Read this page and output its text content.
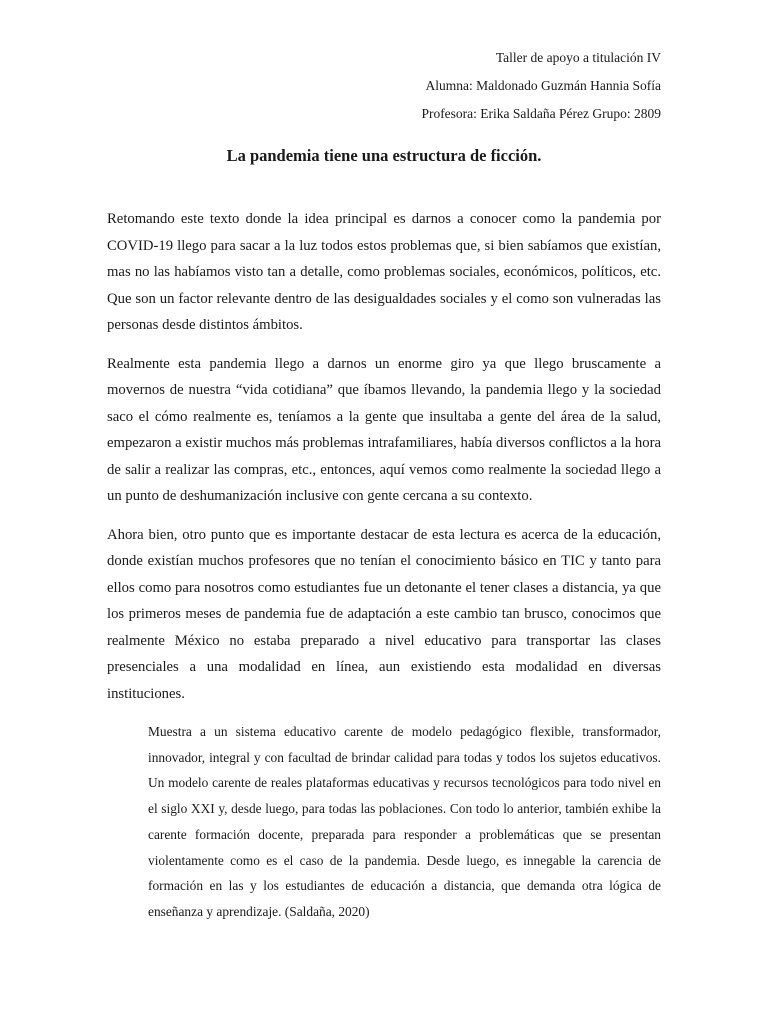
Taller de apoyo a titulación IV
Alumna: Maldonado Guzmán Hannia Sofía
Profesora: Erika Saldaña Pérez Grupo: 2809
La pandemia tiene una estructura de ficción.

Retomando este texto donde la idea principal es darnos a conocer como la pandemia por COVID-19 llego para sacar a la luz todos estos problemas que, si bien sabíamos que existían, mas no las habíamos visto tan a detalle, como problemas sociales, económicos, políticos, etc. Que son un factor relevante dentro de las desigualdades sociales y el como son vulneradas las personas desde distintos ámbitos.

Realmente esta pandemia llego a darnos un enorme giro ya que llego bruscamente a movernos de nuestra “vida cotidiana” que íbamos llevando, la pandemia llego y la sociedad saco el cómo realmente es, teníamos a la gente que insultaba a gente del área de la salud, empezaron a existir muchos más problemas intrafamiliares, había diversos conflictos a la hora de salir a realizar las compras, etc., entonces, aquí vemos como realmente la sociedad llego a un punto de deshumanización inclusive con gente cercana a su contexto.

Ahora bien, otro punto que es importante destacar de esta lectura es acerca de la educación, donde existían muchos profesores que no tenían el conocimiento básico en TIC y tanto para ellos como para nosotros como estudiantes fue un detonante el tener clases a distancia, ya que los primeros meses de pandemia fue de adaptación a este cambio tan brusco, conocimos que realmente México no estaba preparado a nivel educativo para transportar las clases presenciales a una modalidad en línea, aun existiendo esta modalidad en diversas instituciones.

Muestra a un sistema educativo carente de modelo pedagógico flexible, transformador, innovador, integral y con facultad de brindar calidad para todas y todos los sujetos educativos. Un modelo carente de reales plataformas educativas y recursos tecnológicos para todo nivel en el siglo XXI y, desde luego, para todas las poblaciones. Con todo lo anterior, también exhibe la carente formación docente, preparada para responder a problemáticas que se presentan violentamente como es el caso de la pandemia. Desde luego, es innegable la carencia de formación en las y los estudiantes de educación a distancia, que demanda otra lógica de enseñanza y aprendizaje. (Saldaña, 2020)
